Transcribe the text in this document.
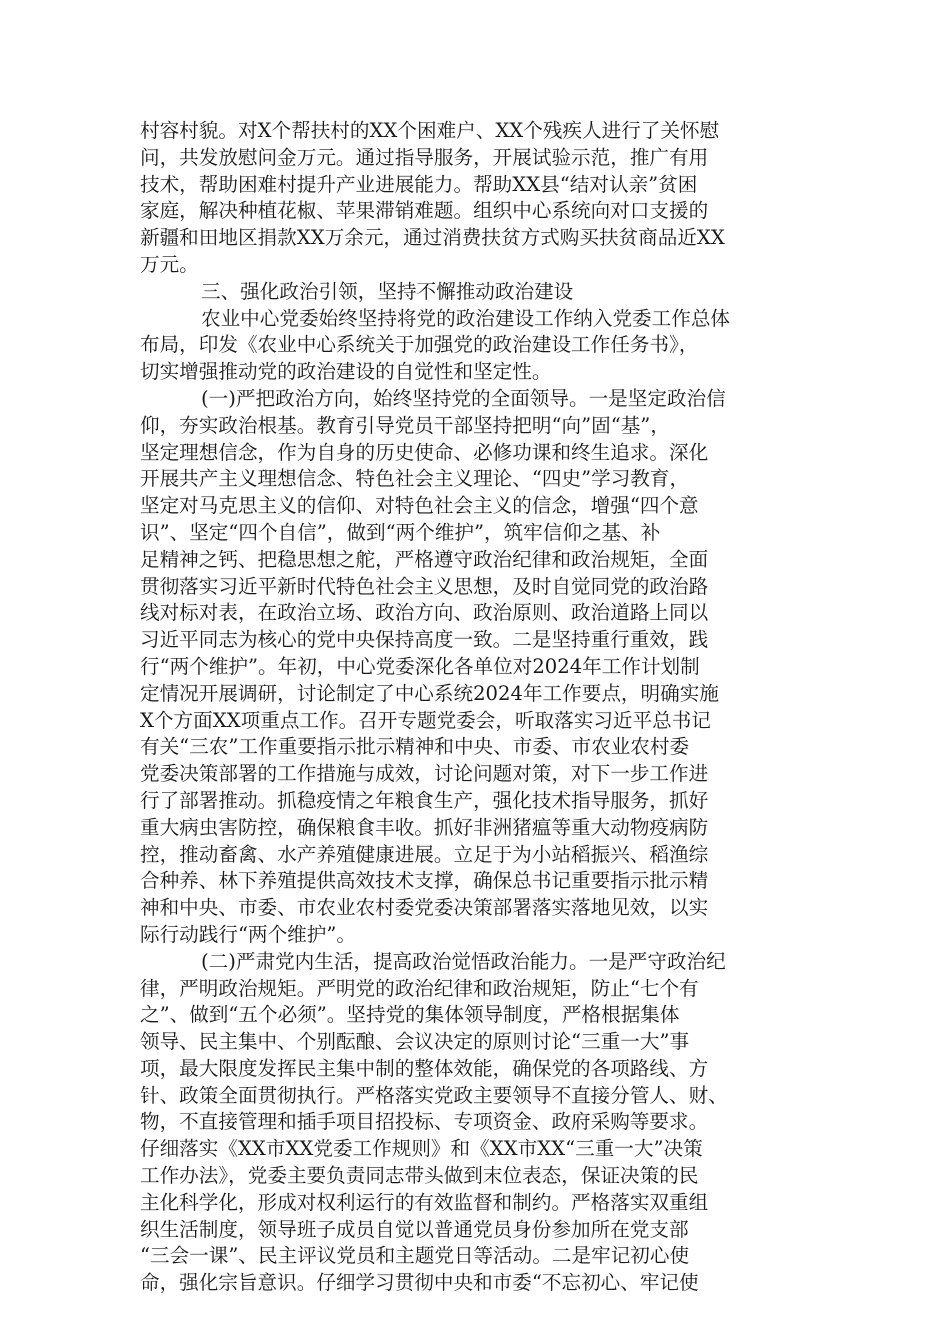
村容村貌。对X个帮扶村的XX个困难户、XX个残疾人进行了关怀慰
问，共发放慰问金万元。通过指导服务，开展试验示范，推广有用
技术，帮助困难村提升产业进展能力。帮助XX县“结对认亲”贫困
家庭，解决种植花椒、苹果滞销难题。组织中心系统向对口支援的
新疆和田地区捐款XX万余元，通过消费扶贫方式购买扶贫商品近XX
万元。
三、强化政治引领，坚持不懈推动政治建设
农业中心党委始终坚持将党的政治建设工作纳入党委工作总体
布局，印发《农业中心系统关于加强党的政治建设工作任务书》，
切实增强推动党的政治建设的自觉性和坚定性。
(一)严把政治方向，始终坚持党的全面领导。一是坚定政治信
仰，夯实政治根基。教育引导党员干部坚持把明“向”固“基”，
坚定理想信念，作为自身的历史使命、必修功课和终生追求。深化
开展共产主义理想信念、特色社会主义理论、“四史”学习教育，
坚定对马克思主义的信仰、对特色社会主义的信念，增强“四个意
识”、坚定“四个自信”，做到“两个维护”，筑牢信仰之基、补
足精神之钙、把稳思想之舵，严格遵守政治纪律和政治规矩，全面
贯彻落实习近平新时代特色社会主义思想，及时自觉同党的政治路
线对标对表，在政治立场、政治方向、政治原则、政治道路上同以
习近平同志为核心的党中央保持高度一致。二是坚持重行重效，践
行“两个维护”。年初，中心党委深化各单位对2024年工作计划制
定情况开展调研，讨论制定了中心系统2024年工作要点，明确实施
X个方面XX项重点工作。召开专题党委会，听取落实习近平总书记
有关“三农”工作重要指示批示精神和中央、市委、市农业农村委
党委决策部署的工作措施与成效，讨论问题对策，对下一步工作进
行了部署推动。抓稳疫情之年粮食生产，强化技术指导服务，抓好
重大病虫害防控，确保粮食丰收。抓好非洲猪瘟等重大动物疫病防
控，推动畜禽、水产养殖健康进展。立足于为小站稻振兴、稻渔综
合种养、林下养殖提供高效技术支撑，确保总书记重要指示批示精
神和中央、市委、市农业农村委党委决策部署落实落地见效，以实
际行动践行“两个维护”。
(二)严肃党内生活，提高政治觉悟政治能力。一是严守政治纪
律，严明政治规矩。严明党的政治纪律和政治规矩，防止“七个有
之”、做到“五个必须”。坚持党的集体领导制度，严格根据集体
领导、民主集中、个别酝酿、会议决定的原则讨论“三重一大”事
项，最大限度发挥民主集中制的整体效能，确保党的各项路线、方
针、政策全面贯彻执行。严格落实党政主要领导不直接分管人、财、
物，不直接管理和插手项目招投标、专项资金、政府采购等要求。
仔细落实《XX市XX党委工作规则》和《XX市XX“三重一大”决策
工作办法》，党委主要负责同志带头做到末位表态，保证决策的民
主化科学化，形成对权利运行的有效监督和制约。严格落实双重组
织生活制度，领导班子成员自觉以普通党员身份参加所在党支部
“三会一课”、民主评议党员和主题党日等活动。二是牢记初心使
命，强化宗旨意识。仔细学习贯彻中央和市委“不忘初心、牢记使
